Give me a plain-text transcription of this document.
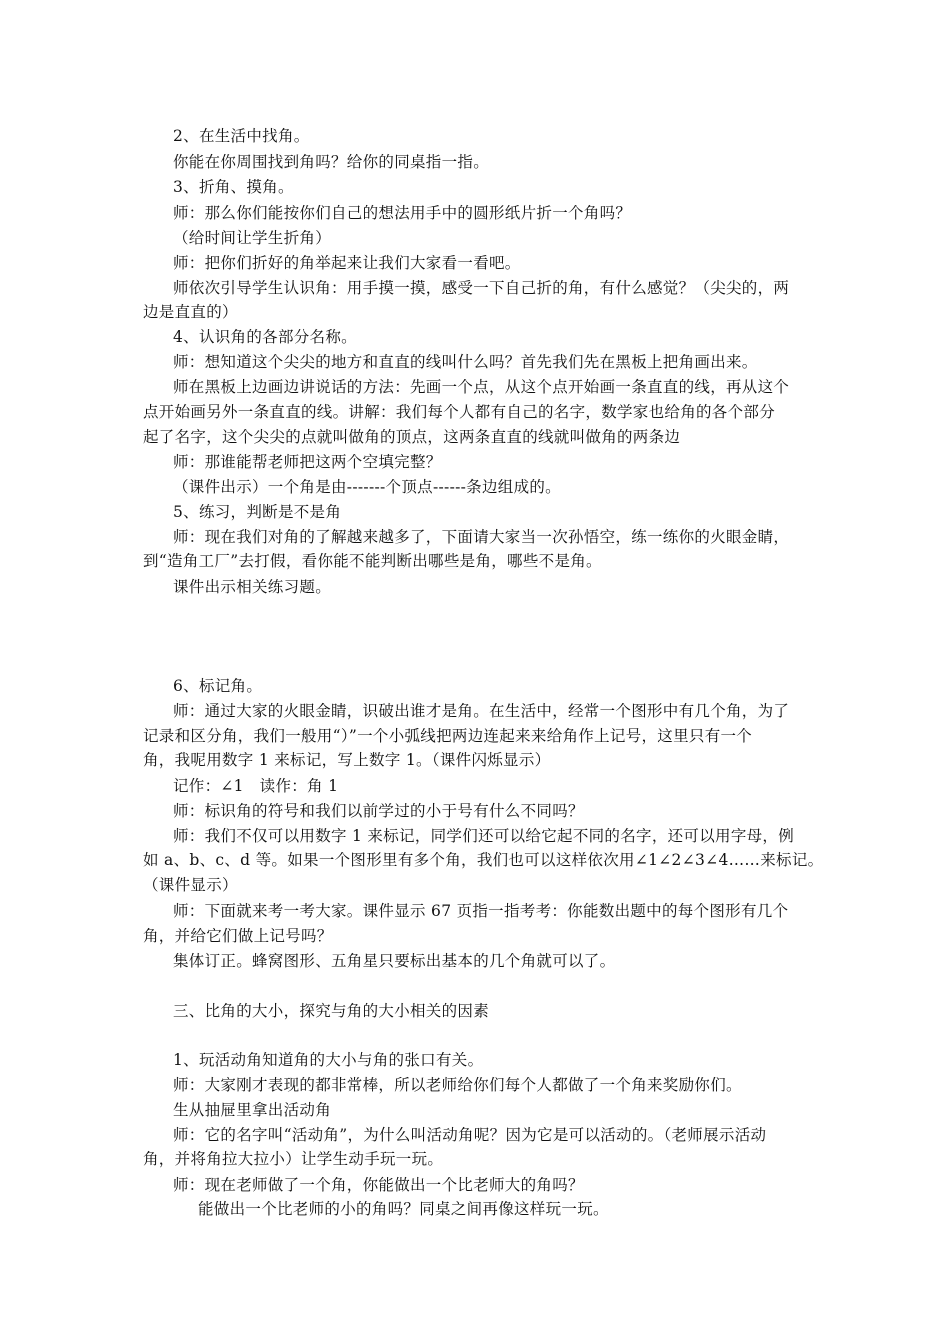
2、在生活中找角。
你能在你周围找到角吗？给你的同桌指一指。
3、折角、摸角。
师：那么你们能按你们自己的想法用手中的圆形纸片折一个角吗？
（给时间让学生折角）
师：把你们折好的角举起来让我们大家看一看吧。
师依次引导学生认识角：用手摸一摸，感受一下自己折的角，有什么感觉？（尖尖的，两
边是直直的）
4、认识角的各部分名称。
师：想知道这个尖尖的地方和直直的线叫什么吗？首先我们先在黑板上把角画出来。
师在黑板上边画边讲说话的方法：先画一个点，从这个点开始画一条直直的线，再从这个
点开始画另外一条直直的线。讲解：我们每个人都有自己的名字，数学家也给角的各个部分
起了名字，这个尖尖的点就叫做角的顶点，这两条直直的线就叫做角的两条边
师：那谁能帮老师把这两个空填完整？
（课件出示）一个角是由-------个顶点------条边组成的。
5、练习，判断是不是角
师：现在我们对角的了解越来越多了，下面请大家当一次孙悟空，练一练你的火眼金睛，
到“造角工厂”去打假，看你能不能判断出哪些是角，哪些不是角。
课件出示相关练习题。
6、标记角。
师：通过大家的火眼金睛，识破出谁才是角。在生活中，经常一个图形中有几个角，为了
记录和区分角，我们一般用“）”一个小弧线把两边连起来来给角作上记号，这里只有一个
角，我呢用数字 1 来标记，写上数字 1。（课件闪烁显示）
记作：∠1　读作：角 1
师：标识角的符号和我们以前学过的小于号有什么不同吗？
师：我们不仅可以用数字 1 来标记，同学们还可以给它起不同的名字，还可以用字母，例
如 a、b、c、d 等。如果一个图形里有多个角，我们也可以这样依次用∠1∠2∠3∠4……来标记。
（课件显示）
师：下面就来考一考大家。课件显示 67 页指一指考考：你能数出题中的每个图形有几个
角，并给它们做上记号吗？
集体订正。蜂窝图形、五角星只要标出基本的几个角就可以了。
三、比角的大小，探究与角的大小相关的因素
1、玩活动角知道角的大小与角的张口有关。
师：大家刚才表现的都非常棒，所以老师给你们每个人都做了一个角来奖励你们。
生从抽屉里拿出活动角
师：它的名字叫“活动角”，为什么叫活动角呢？因为它是可以活动的。（老师展示活动
角，并将角拉大拉小）让学生动手玩一玩。
师：现在老师做了一个角，你能做出一个比老师大的角吗？
能做出一个比老师的小的角吗？同桌之间再像这样玩一玩。
